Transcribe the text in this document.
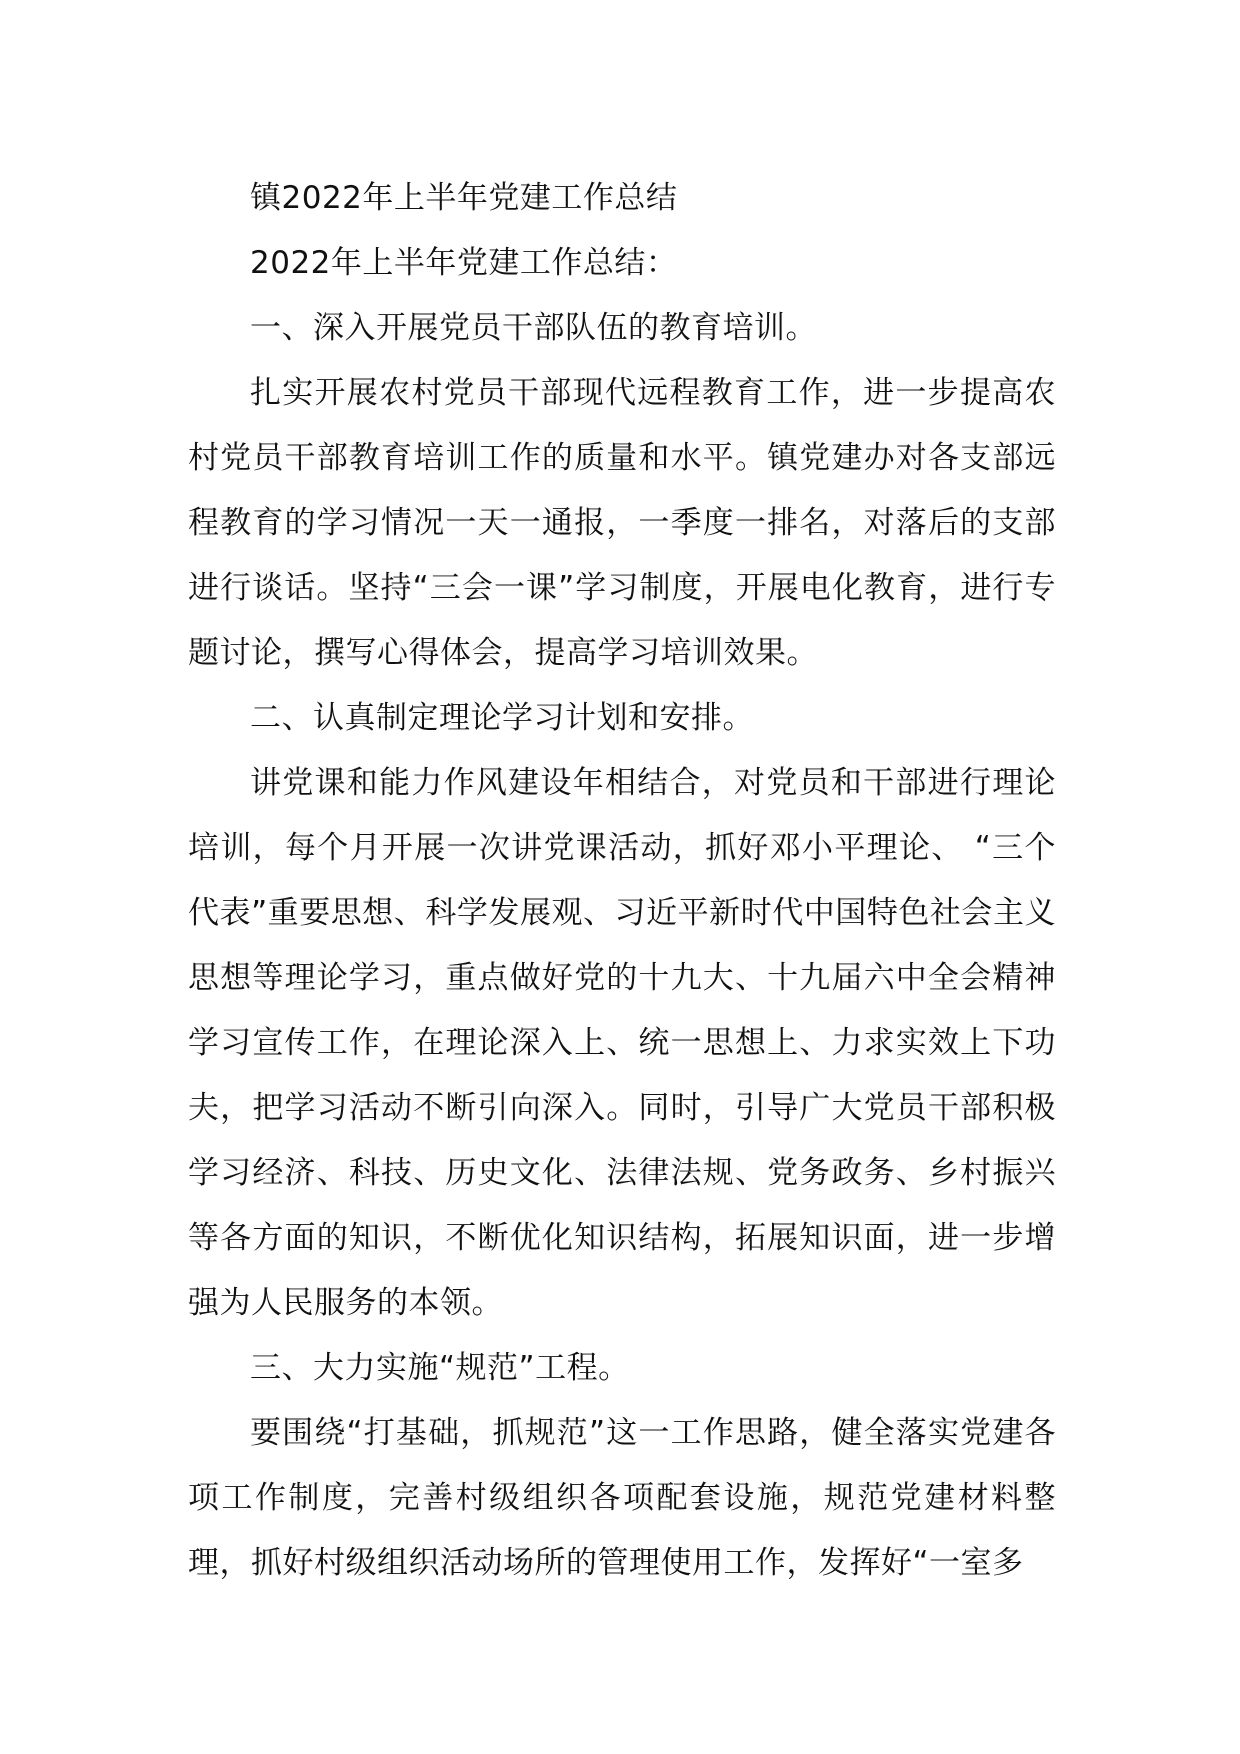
镇2022年上半年党建工作总结

2022年上半年党建工作总结：

一、深入开展党员干部队伍的教育培训。

扎实开展农村党员干部现代远程教育工作，进一步提高农村党员干部教育培训工作的质量和水平。镇党建办对各支部远程教育的学习情况一天一通报，一季度一排名，对落后的支部进行谈话。坚持“三会一课”学习制度，开展电化教育，进行专题讨论，撰写心得体会，提高学习培训效果。

二、认真制定理论学习计划和安排。

讲党课和能力作风建设年相结合，对党员和干部进行理论培训，每个月开展一次讲党课活动，抓好邓小平理论、 “三个代表”重要思想、科学发展观、习近平新时代中国特色社会主义思想等理论学习，重点做好党的十九大、十九届六中全会精神学习宣传工作，在理论深入上、统一思想上、力求实效上下功夫，把学习活动不断引向深入。同时，引导广大党员干部积极学习经济、科技、历史文化、法律法规、党务政务、乡村振兴等各方面的知识，不断优化知识结构，拓展知识面，进一步增强为人民服务的本领。

三、大力实施“规范”工程。

要围绕“打基础，抓规范”这一工作思路，健全落实党建各项工作制度，完善村级组织各项配套设施，规范党建材料整理，抓好村级组织活动场所的管理使用工作，发挥好“一室多
